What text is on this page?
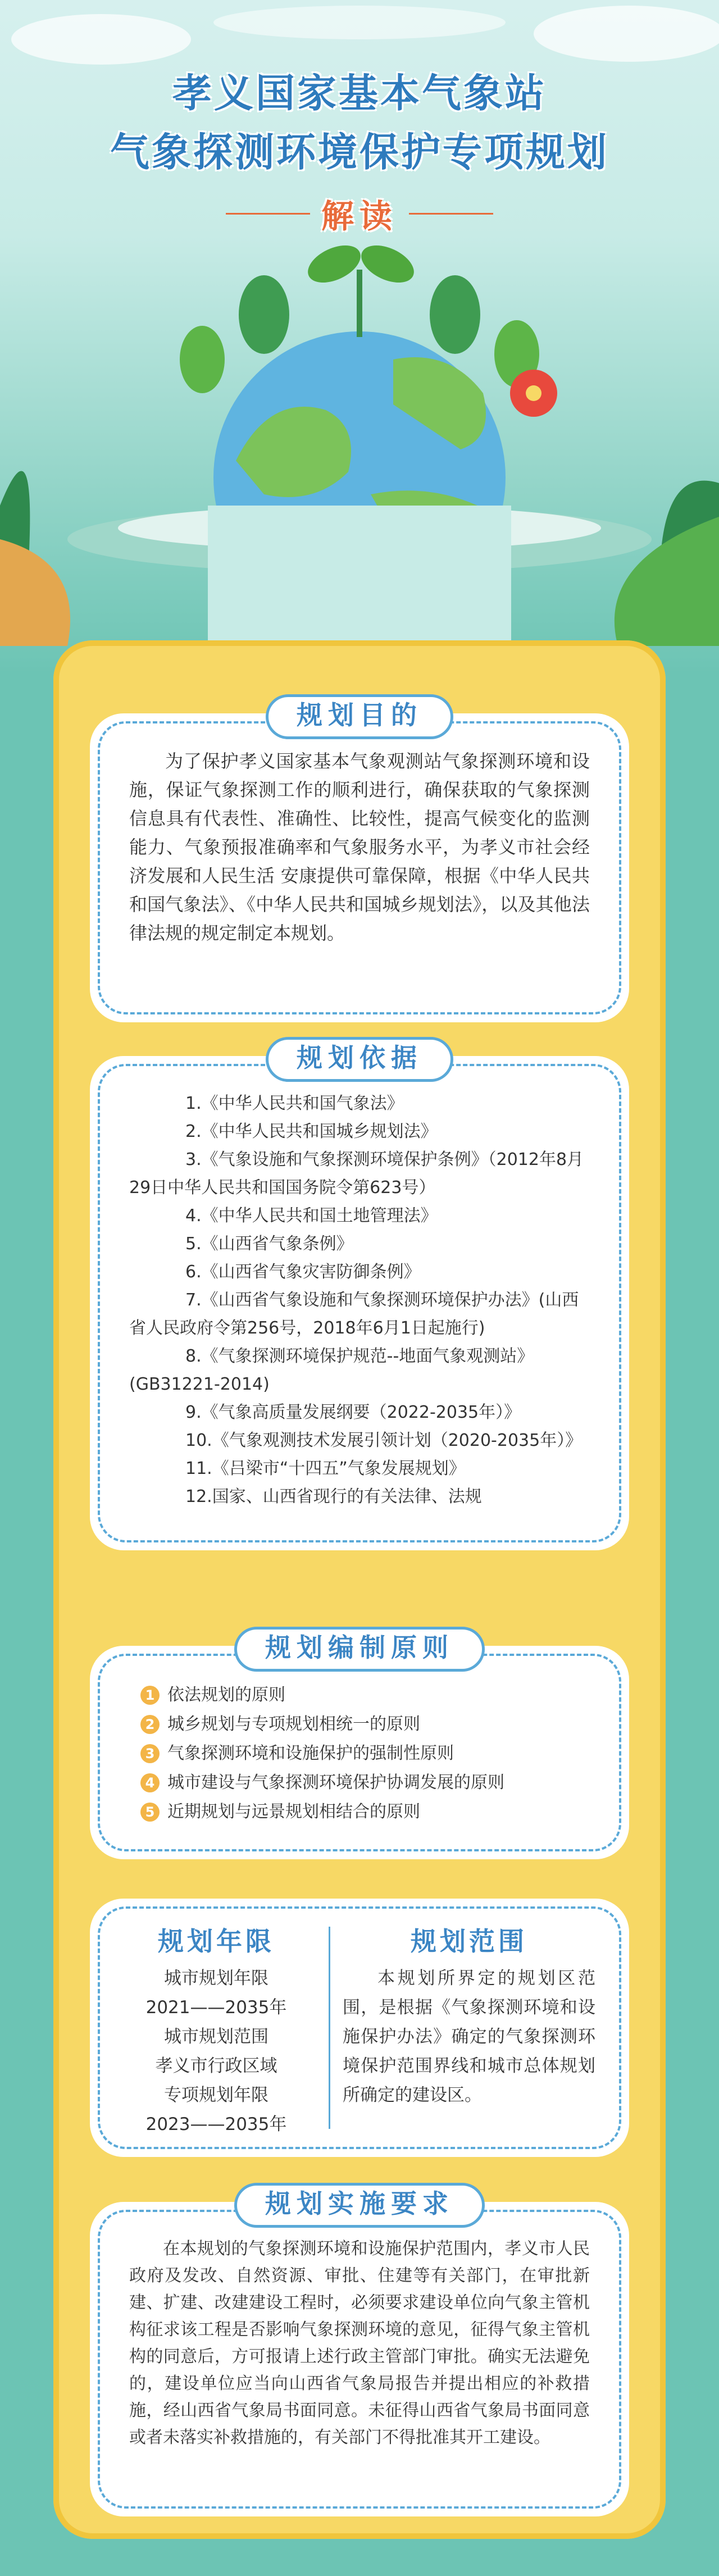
孝义国家基本气象站
气象探测环境保护专项规划
解读
规划目的
为了保护孝义国家基本气象观测站气象探测环境和设施，保证气象探测工作的顺利进行，确保获取的气象探测信息具有代表性、准确性、比较性，提高气候变化的监测能力、气象预报准确率和气象服务水平，为孝义市社会经济发展和人民生活 安康提供可靠保障，根据《中华人民共和国气象法》、《中华人民共和国城乡规划法》，以及其他法律法规的规定制定本规划。
规划依据
1.《中华人民共和国气象法》
2.《中华人民共和国城乡规划法》
3.《气象设施和气象探测环境保护条例》（2012年8月29日中华人民共和国国务院令第623号）
4.《中华人民共和国土地管理法》
5.《山西省气象条例》
6.《山西省气象灾害防御条例》
7.《山西省气象设施和气象探测环境保护办法》(山西省人民政府令第256号，2018年6月1日起施行)
8.《气象探测环境保护规范--地面气象观测站》(GB31221-2014)
9.《气象高质量发展纲要（2022-2035年）》
10.《气象观测技术发展引领计划（2020-2035年）》
11.《吕梁市“十四五”气象发展规划》
12.国家、山西省现行的有关法律、法规
规划编制原则
1 依法规划的原则
2 城乡规划与专项规划相统一的原则
3 气象探测环境和设施保护的强制性原则
4 城市建设与气象探测环境保护协调发展的原则
5 近期规划与远景规划相结合的原则
规划年限
城市规划年限
2021——2035年
城市规划范围
孝义市行政区域
专项规划年限
2023——2035年
规划范围
本规划所界定的规划区范围，是根据《气象探测环境和设施保护办法》确定的气象探测环境保护范围界线和城市总体规划所确定的建设区。
规划实施要求
在本规划的气象探测环境和设施保护范围内，孝义市人民政府及发改、自然资源、审批、住建等有关部门，在审批新建、扩建、改建建设工程时，必须要求建设单位向气象主管机构征求该工程是否影响气象探测环境的意见，征得气象主管机构的同意后，方可报请上述行政主管部门审批。确实无法避免的，建设单位应当向山西省气象局报告并提出相应的补救措施，经山西省气象局书面同意。未征得山西省气象局书面同意或者未落实补救措施的，有关部门不得批准其开工建设。
